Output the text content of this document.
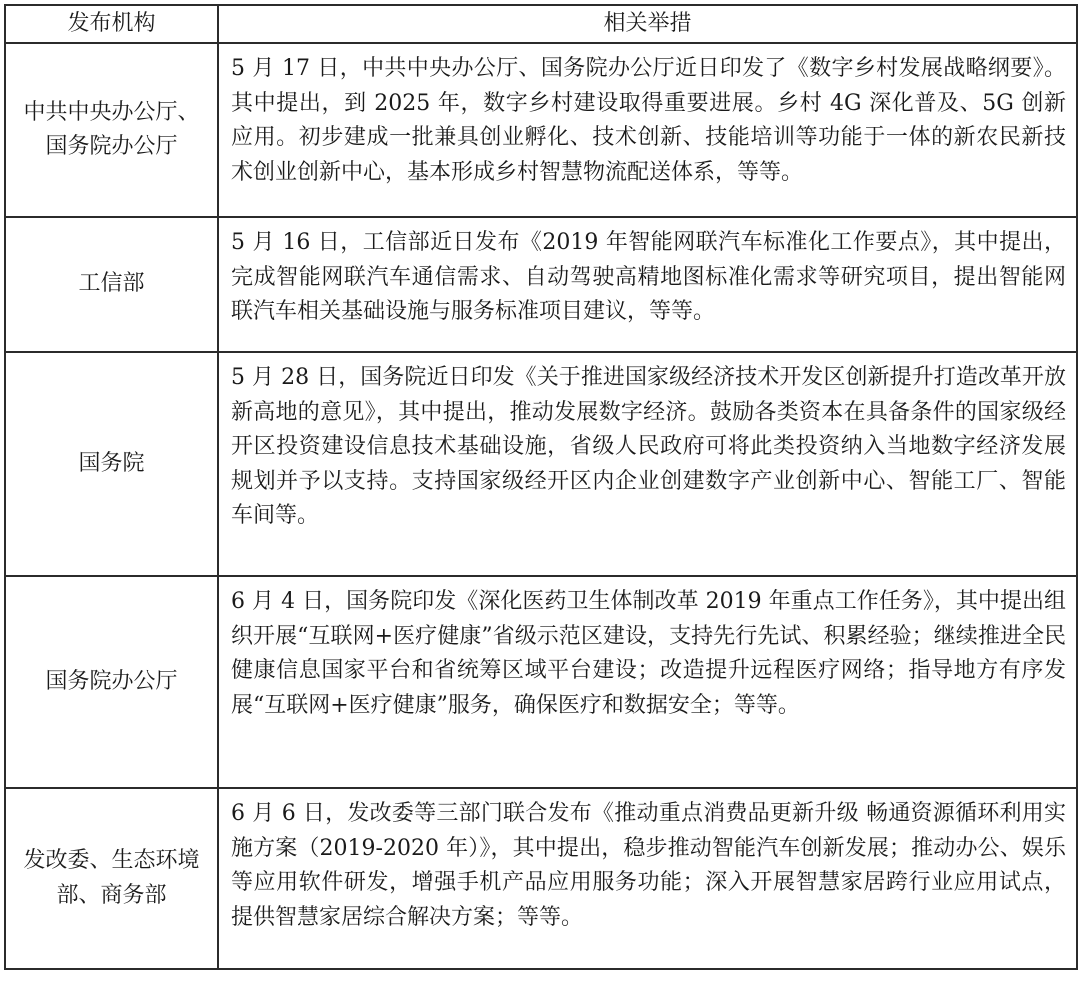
发布机构	相关举措
中共中央办公厅、国务院办公厅	5 月 17 日，中共中央办公厅、国务院办公厅近日印发了《数字乡村发展战略纲要》。其中提出，到 2025 年，数字乡村建设取得重要进展。乡村 4G 深化普及、5G 创新应用。初步建成一批兼具创业孵化、技术创新、技能培训等功能于一体的新农民新技术创业创新中心，基本形成乡村智慧物流配送体系，等等。
工信部	5 月 16 日，工信部近日发布《2019 年智能网联汽车标准化工作要点》，其中提出，完成智能网联汽车通信需求、自动驾驶高精地图标准化需求等研究项目，提出智能网联汽车相关基础设施与服务标准项目建议，等等。
国务院	5 月 28 日，国务院近日印发《关于推进国家级经济技术开发区创新提升打造改革开放新高地的意见》，其中提出，推动发展数字经济。鼓励各类资本在具备条件的国家级经开区投资建设信息技术基础设施，省级人民政府可将此类投资纳入当地数字经济发展规划并予以支持。支持国家级经开区内企业创建数字产业创新中心、智能工厂、智能车间等。
国务院办公厅	6 月 4 日，国务院印发《深化医药卫生体制改革 2019 年重点工作任务》，其中提出组织开展“互联网+医疗健康”省级示范区建设，支持先行先试、积累经验；继续推进全民健康信息国家平台和省统筹区域平台建设；改造提升远程医疗网络；指导地方有序发展“互联网+医疗健康”服务，确保医疗和数据安全；等等。
发改委、生态环境部、商务部	6 月 6 日，发改委等三部门联合发布《推动重点消费品更新升级 畅通资源循环利用实施方案（2019-2020 年）》，其中提出，稳步推动智能汽车创新发展；推动办公、娱乐等应用软件研发，增强手机产品应用服务功能；深入开展智慧家居跨行业应用试点，提供智慧家居综合解决方案；等等。
